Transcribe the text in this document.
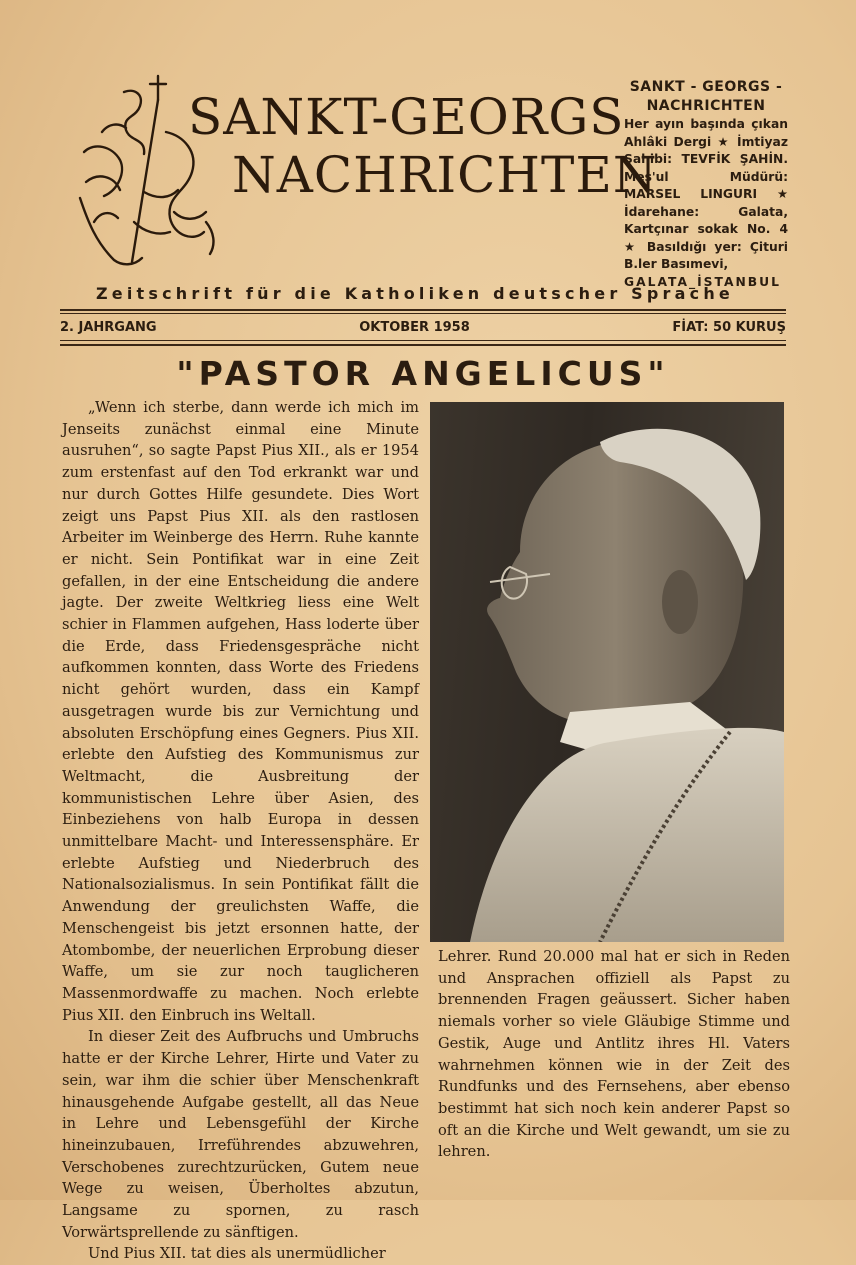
SANKT-GEORGS
NACHRICHTEN
SANKT - GEORGS - NACHRICHTEN
Her ayın başında çıkan Ahlâki Dergi ★ İmtiyaz Sahibi: TEVFİK ŞAHİN. Mes'ul Müdürü: MARSEL LINGURI ★ İdarehane: Galata, Kartçınar sokak No. 4 ★ Basıldığı yer: Çituri B.ler Basımevi,
GALATA_İSTANBUL
Zeitschrift für die Katholiken deutscher Sprache
2. JAHRGANG	OKTOBER 1958	FİAT: 50 KURUŞ
"PASTOR ANGELICUS"

„Wenn ich sterbe, dann werde ich mich im Jenseits zunächst einmal eine Minute ausruhen“, so sagte Papst Pius XII., als er 1954 zum erstenfast auf den Tod erkrankt war und nur durch Gottes Hilfe gesundete. Dies Wort zeigt uns Papst Pius XII. als den rastlosen Arbeiter im Weinberge des Herrn. Ruhe kannte er nicht. Sein Pontifikat war in eine Zeit gefallen, in der eine Entscheidung die andere jagte. Der zweite Weltkrieg liess eine Welt schier in Flammen aufgehen, Hass loderte über die Erde, dass Friedensgespräche nicht aufkommen konnten, dass Worte des Friedens nicht gehört wurden, dass ein Kampf ausgetragen wurde bis zur Vernichtung und absoluten Erschöpfung eines Gegners. Pius XII. erlebte den Aufstieg des Kommunismus zur Weltmacht, die Ausbreitung der kommunistischen Lehre über Asien, des Einbeziehens von halb Europa in dessen unmittelbare Macht- und Interessensphäre. Er erlebte Aufstieg und Niederbruch des Nationalsozialismus. In sein Pontifikat fällt die Anwendung der greulichsten Waffe, die Menschengeist bis jetzt ersonnen hatte, der Atombombe, der neuerlichen Erprobung dieser Waffe, um sie zur noch tauglicheren Massenmordwaffe zu machen. Noch erlebte Pius XII. den Einbruch ins Weltall.

In dieser Zeit des Aufbruchs und Umbruchs hatte er der Kirche Lehrer, Hirte und Vater zu sein, war ihm die schier über Menschenkraft hinausgehende Aufgabe gestellt, all das Neue in Lehre und Lebensgefühl der Kirche hineinzubauen, Irreführendes abzuwehren, Verschobenes zurechtzurücken, Gutem neue Wege zu weisen, Überholtes abzutun, Langsame zu spornen, zu rasch Vorwärtsprellende zu sänftigen.

Und Pius XII. tat dies als unermüdlicher

Lehrer. Rund 20.000 mal hat er sich in Reden und Ansprachen offiziell als Papst zu brennenden Fragen geäussert. Sicher haben niemals vorher so viele Gläubige Stimme und Gestik, Auge und Antlitz ihres Hl. Vaters wahrnehmen können wie in der Zeit des Rundfunks und des Fernsehens, aber ebenso bestimmt hat sich noch kein anderer Papst so oft an die Kirche und Welt gewandt, um sie zu lehren.
